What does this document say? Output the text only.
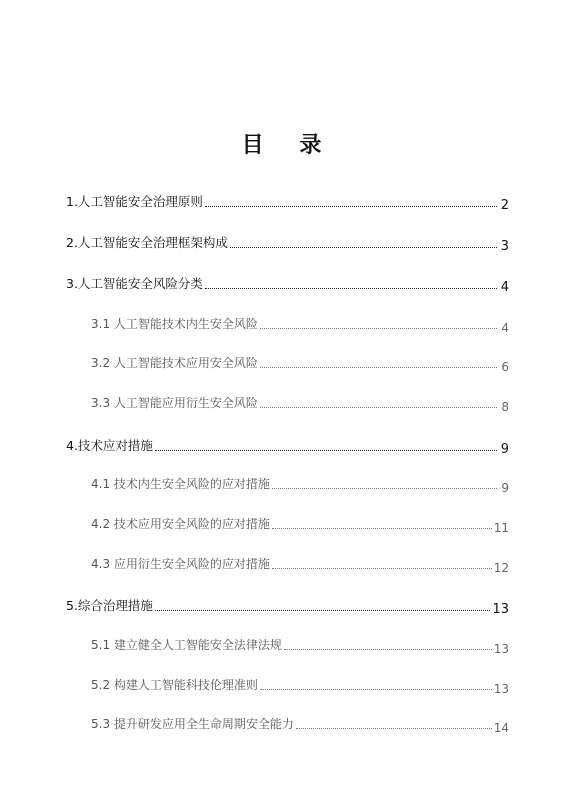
目 录
1.人工智能安全治理原则	2
2.人工智能安全治理框架构成	3
3.人工智能安全风险分类	4
3.1 人工智能技术内生安全风险	4
3.2 人工智能技术应用安全风险	6
3.3 人工智能应用衍生安全风险	8
4.技术应对措施	9
4.1 技术内生安全风险的应对措施	9
4.2 技术应用安全风险的应对措施	11
4.3 应用衍生安全风险的应对措施	12
5.综合治理措施	13
5.1 建立健全人工智能安全法律法规	13
5.2 构建人工智能科技伦理准则	13
5.3 提升研发应用全生命周期安全能力	14
